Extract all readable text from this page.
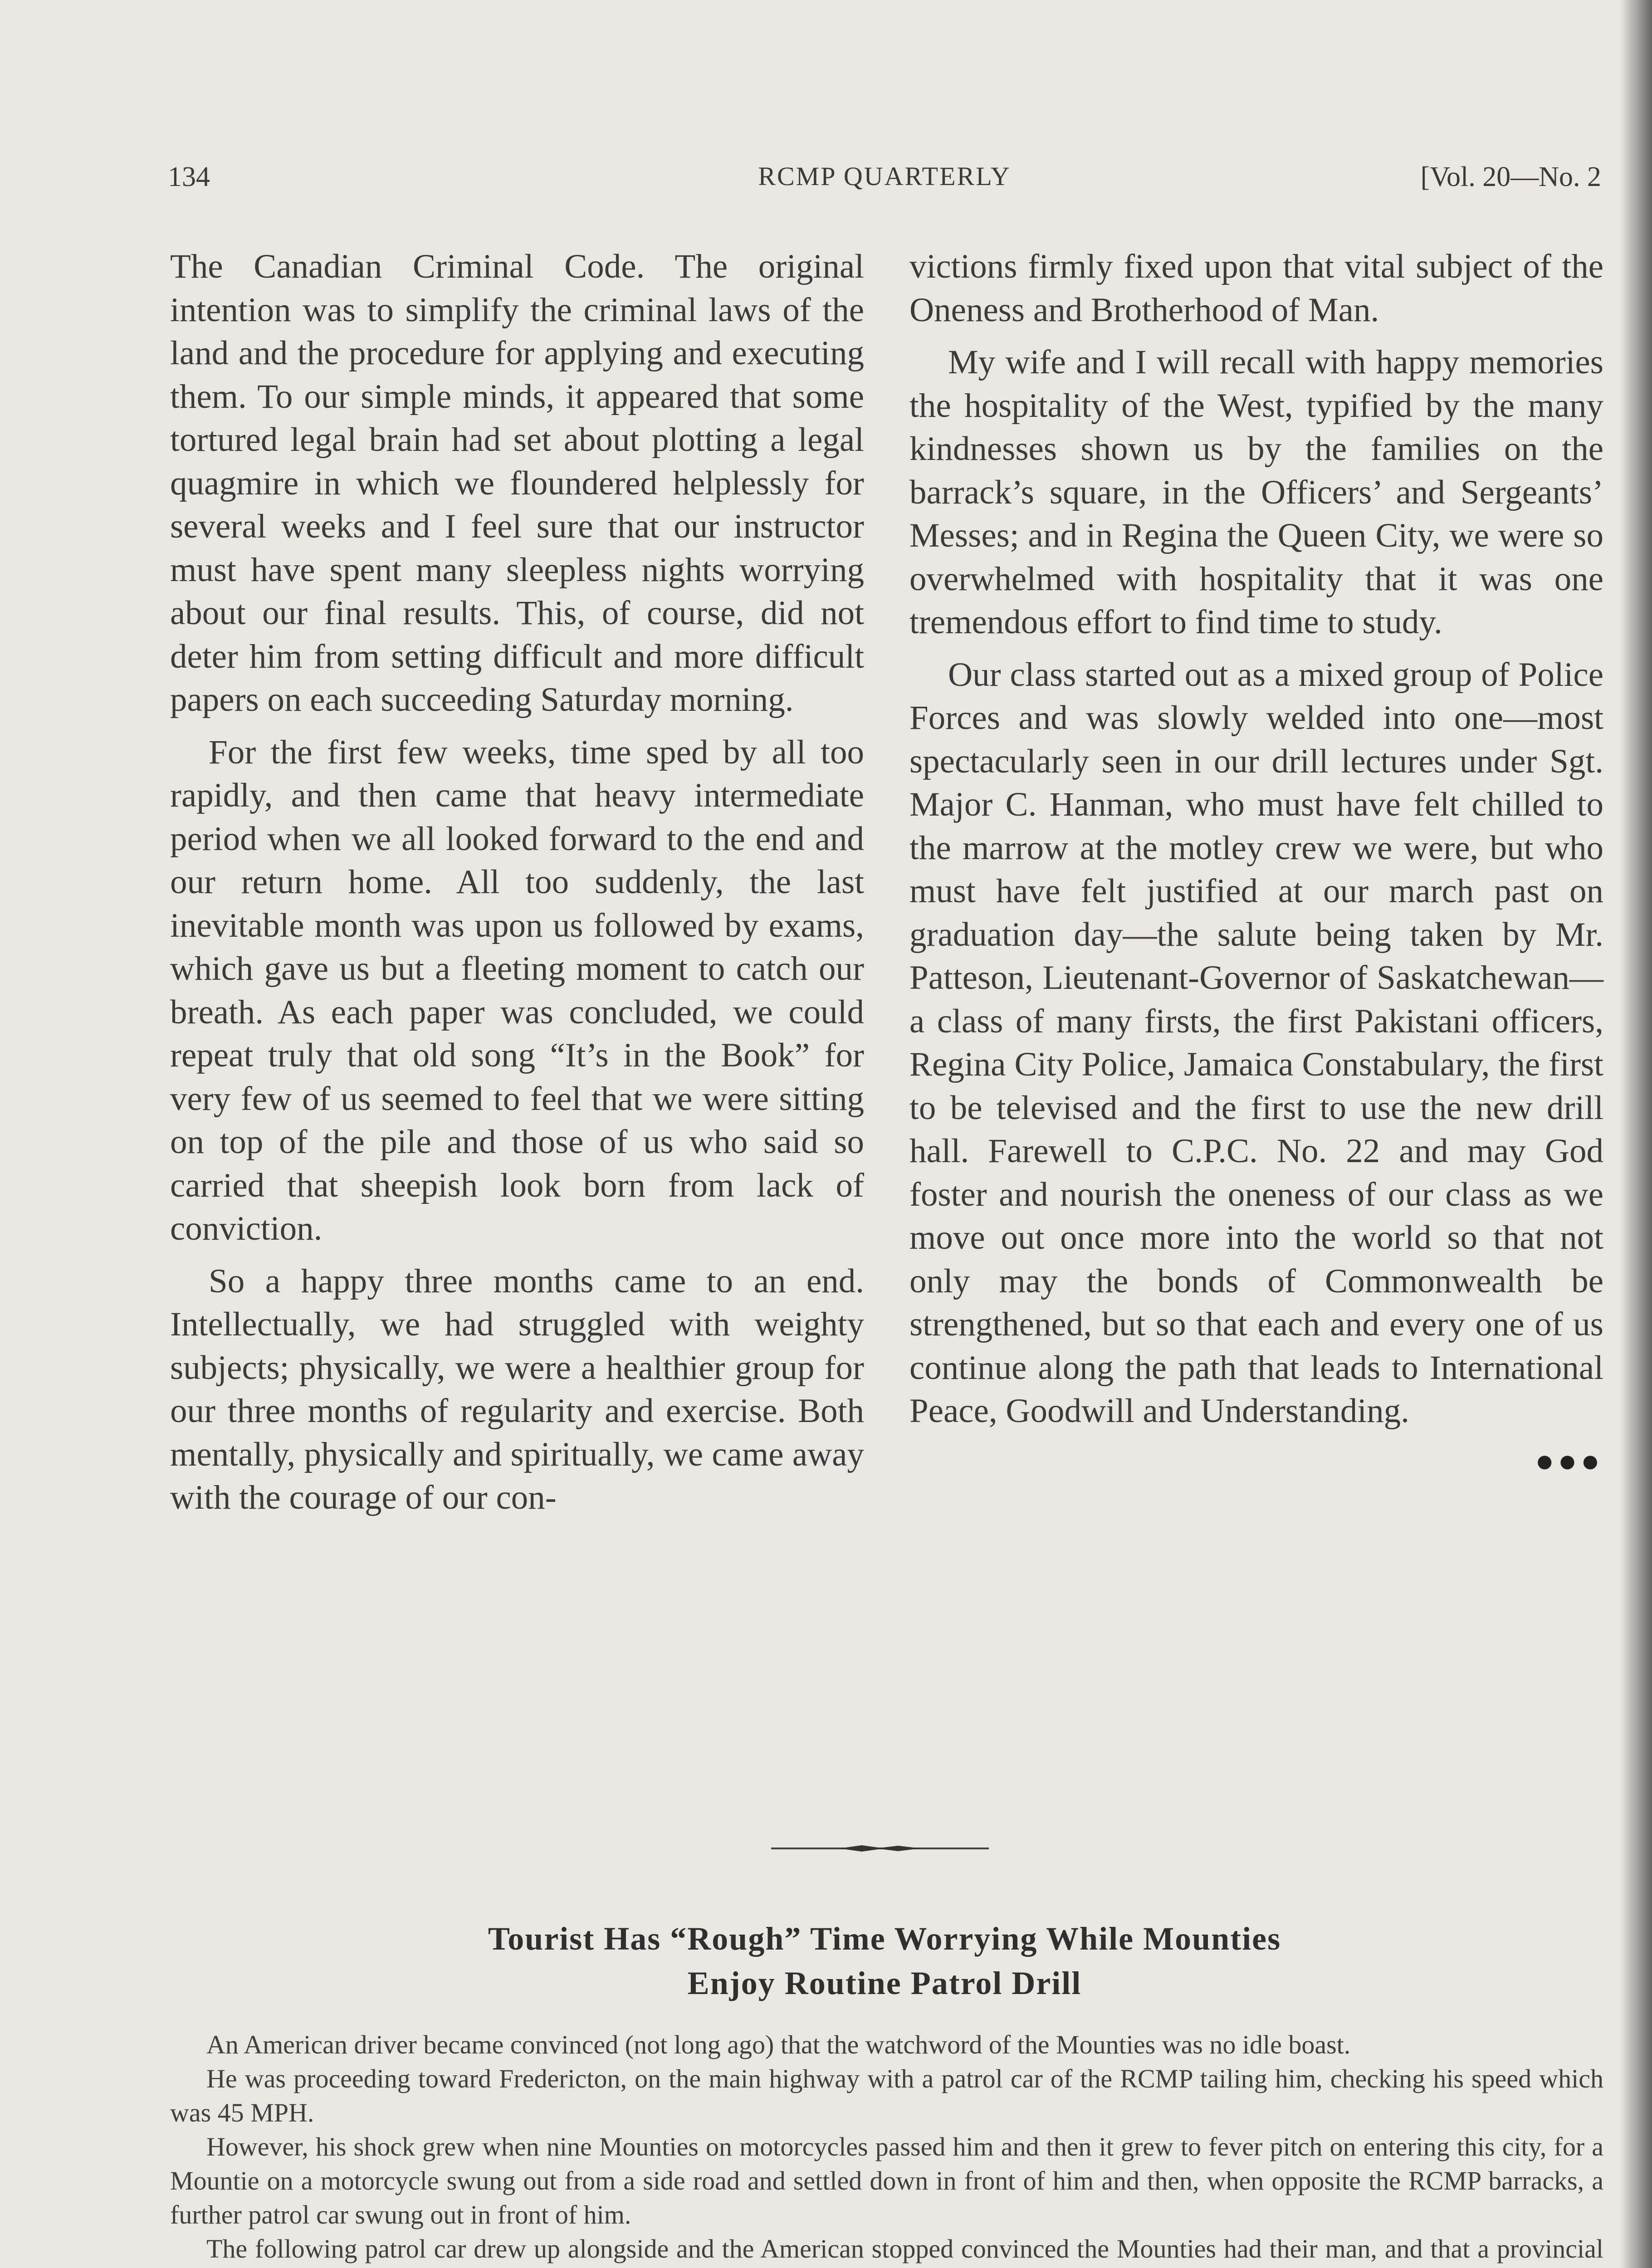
134	RCMP QUARTERLY	[Vol. 20—No. 2

The Canadian Criminal Code. The original intention was to simplify the criminal laws of the land and the procedure for applying and executing them. To our simple minds, it appeared that some tortured legal brain had set about plotting a legal quagmire in which we floundered helplessly for several weeks and I feel sure that our instructor must have spent many sleepless nights worrying about our final results. This, of course, did not deter him from setting difficult and more difficult papers on each succeeding Saturday morning.

For the first few weeks, time sped by all too rapidly, and then came that heavy intermediate period when we all looked forward to the end and our return home. All too suddenly, the last inevitable month was upon us followed by exams, which gave us but a fleeting moment to catch our breath. As each paper was concluded, we could repeat truly that old song “It’s in the Book” for very few of us seemed to feel that we were sitting on top of the pile and those of us who said so carried that sheepish look born from lack of conviction.

So a happy three months came to an end. Intellectually, we had struggled with weighty subjects; physically, we were a healthier group for our three months of regularity and exercise. Both mentally, physically and spiritually, we came away with the courage of our con-

victions firmly fixed upon that vital subject of the Oneness and Brotherhood of Man.

My wife and I will recall with happy memories the hospitality of the West, typified by the many kindnesses shown us by the families on the barrack’s square, in the Officers’ and Sergeants’ Messes; and in Regina the Queen City, we were so overwhelmed with hospitality that it was one tremendous effort to find time to study.

Our class started out as a mixed group of Police Forces and was slowly welded into one—most spectacularly seen in our drill lectures under Sgt. Major C. Hanman, who must have felt chilled to the marrow at the motley crew we were, but who must have felt justified at our march past on graduation day—the salute being taken by Mr. Patteson, Lieutenant-Governor of Saskatchewan—a class of many firsts, the first Pakistani officers, Regina City Police, Jamaica Constabulary, the first to be televised and the first to use the new drill hall. Farewell to C.P.C. No. 22 and may God foster and nourish the oneness of our class as we move out once more into the world so that not only may the bonds of Commonwealth be strengthened, but so that each and every one of us continue along the path that leads to International Peace, Goodwill and Understanding.

●●●
Tourist Has “Rough” Time Worrying While Mounties
Enjoy Routine Patrol Drill

An American driver became convinced (not long ago) that the watchword of the Mounties was no idle boast.

He was proceeding toward Fredericton, on the main highway with a patrol car of the RCMP tailing him, checking his speed which was 45 MPH.

However, his shock grew when nine Mounties on motorcycles passed him and then it grew to fever pitch on entering this city, for a Mountie on a motorcycle swung out from a side road and settled down in front of him and then, when opposite the RCMP barracks, a further patrol car swung out in front of him.

The following patrol car drew up alongside and the American stopped convinced the Mounties had their man, and that a provincial
